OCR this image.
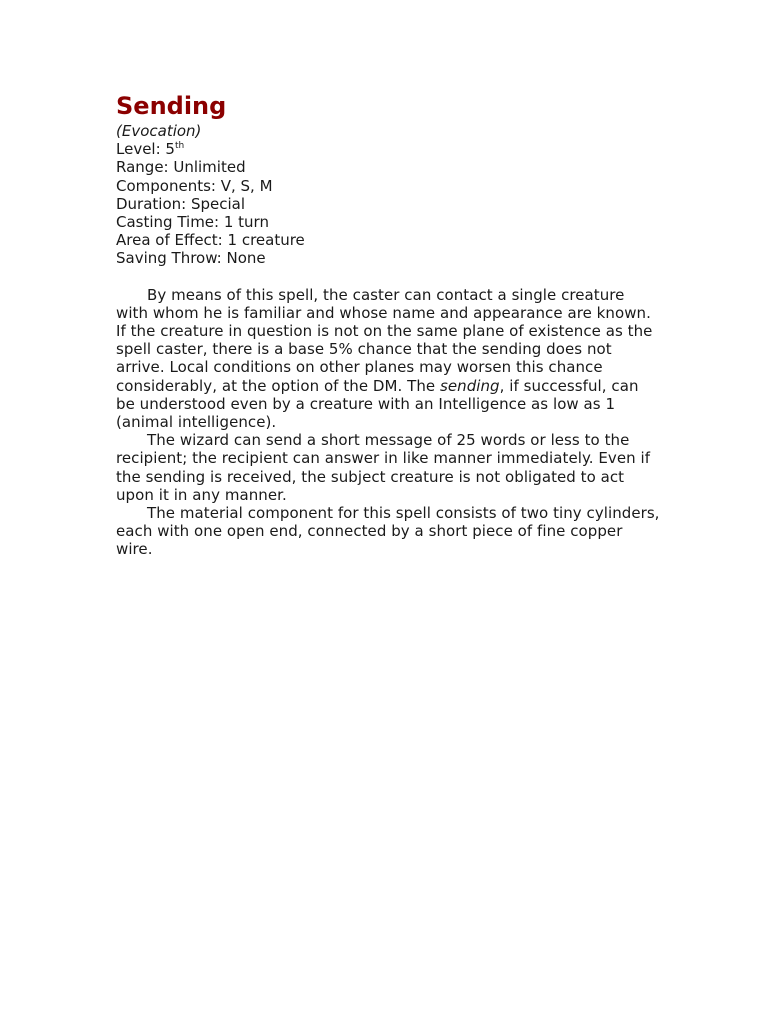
Sending
(Evocation)
Level: 5th
Range: Unlimited
Components: V, S, M
Duration: Special
Casting Time: 1 turn
Area of Effect: 1 creature
Saving Throw: None

By means of this spell, the caster can contact a single creature with whom he is familiar and whose name and appearance are known. If the creature in question is not on the same plane of existence as the spell caster, there is a base 5% chance that the sending does not arrive. Local conditions on other planes may worsen this chance considerably, at the option of the DM. The sending, if successful, can be understood even by a creature with an Intelligence as low as 1 (animal intelligence).

The wizard can send a short message of 25 words or less to the recipient; the recipient can answer in like manner immediately. Even if the sending is received, the subject creature is not obligated to act upon it in any manner.

The material component for this spell consists of two tiny cylinders, each with one open end, connected by a short piece of fine copper wire.
